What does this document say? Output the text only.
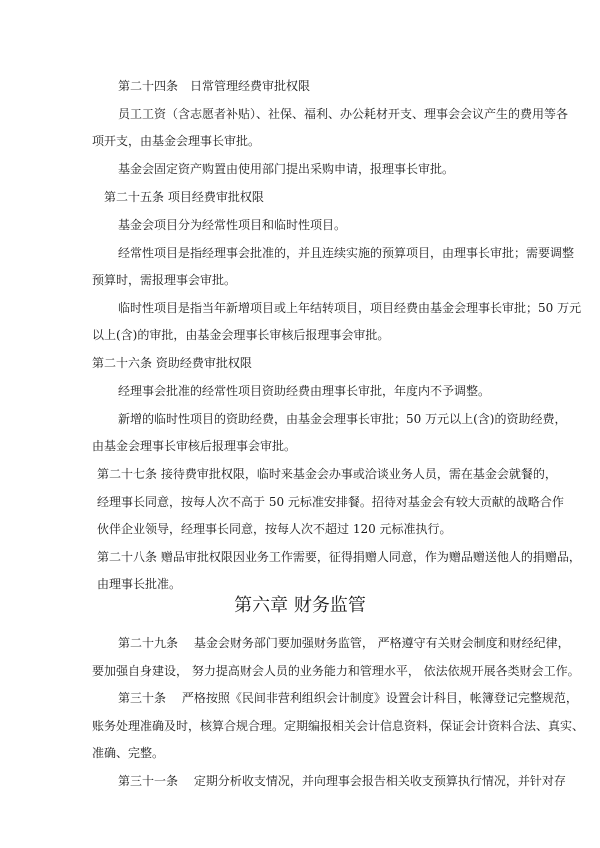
第二十四条　日常管理经费审批权限
员工工资（含志愿者补贴）、社保、福利、办公耗材开支、理事会会议产生的费用等各
项开支，由基金会理事长审批。
基金会固定资产购置由使用部门提出采购申请，报理事长审批。
第二十五条 项目经费审批权限
基金会项目分为经常性项目和临时性项目。
经常性项目是指经理事会批准的，并且连续实施的预算项目，由理事长审批；需要调整
预算时，需报理事会审批。
临时性项目是指当年新增项目或上年结转项目，项目经费由基金会理事长审批；50 万元
以上(含)的审批，由基金会理事长审核后报理事会审批。
第二十六条 资助经费审批权限
经理事会批准的经常性项目资助经费由理事长审批，年度内不予调整。
新增的临时性项目的资助经费，由基金会理事长审批；50 万元以上(含)的资助经费，
由基金会理事长审核后报理事会审批。
第二十七条 接待费审批权限，临时来基金会办事或洽谈业务人员，需在基金会就餐的，
经理事长同意，按每人次不高于 50 元标准安排餐。招待对基金会有较大贡献的战略合作
伙伴企业领导，经理事长同意，按每人次不超过 120 元标准执行。
第二十八条 赠品审批权限因业务工作需要，征得捐赠人同意，作为赠品赠送他人的捐赠品，
由理事长批准。
第二十九条　 基金会财务部门要加强财务监管， 严格遵守有关财会制度和财经纪律，
要加强自身建设， 努力提高财会人员的业务能力和管理水平， 依法依规开展各类财会工作。
第三十条　 严格按照《民间非营利组织会计制度》设置会计科目，帐簿登记完整规范，
账务处理准确及时，核算合规合理。定期编报相关会计信息资料，保证会计资料合法、真实、
准确、完整。
第三十一条　 定期分析收支情况，并向理事会报告相关收支预算执行情况，并针对存
第六章 财务监管
